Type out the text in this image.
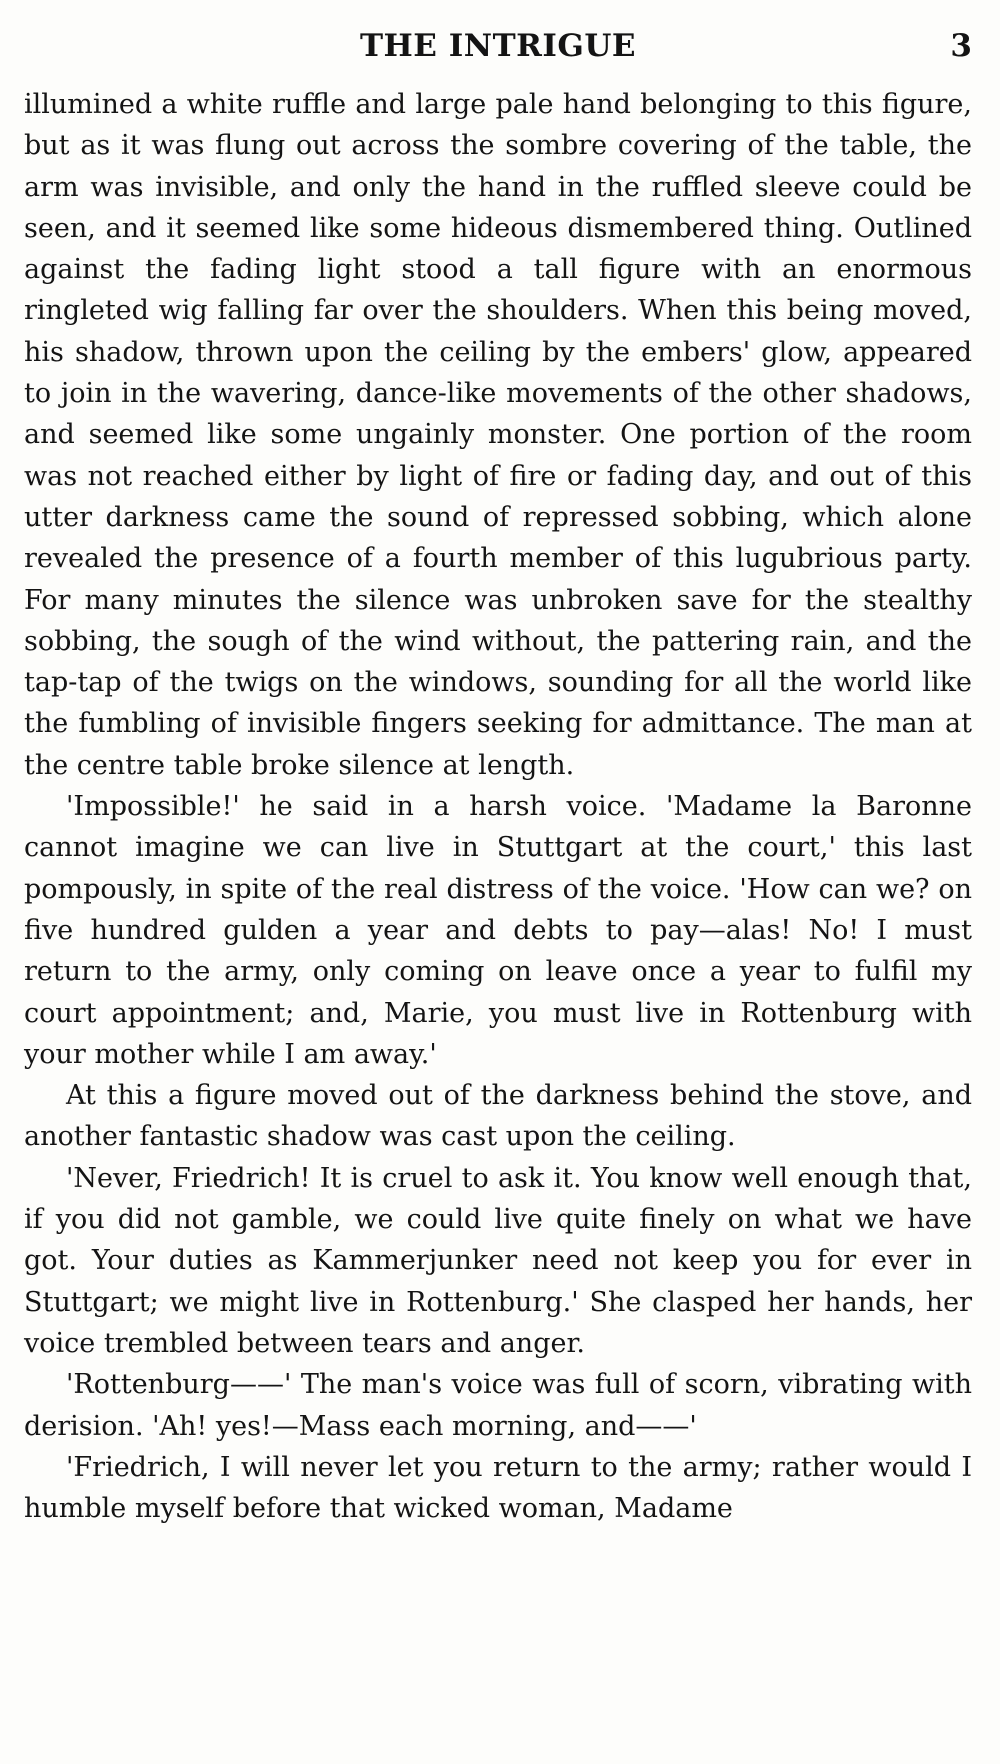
THE INTRIGUE	3

illumined a white ruffle and large pale hand belonging to this figure, but as it was flung out across the sombre covering of the table, the arm was invisible, and only the hand in the ruffled sleeve could be seen, and it seemed like some hideous dismembered thing. Outlined against the fading light stood a tall figure with an enormous ringleted wig falling far over the shoulders. When this being moved, his shadow, thrown upon the ceiling by the embers' glow, appeared to join in the wavering, dance-like movements of the other shadows, and seemed like some ungainly monster. One portion of the room was not reached either by light of fire or fading day, and out of this utter darkness came the sound of repressed sobbing, which alone revealed the presence of a fourth member of this lugubrious party. For many minutes the silence was unbroken save for the stealthy sobbing, the sough of the wind without, the pattering rain, and the tap-tap of the twigs on the windows, sounding for all the world like the fumbling of invisible fingers seeking for admittance. The man at the centre table broke silence at length.

'Impossible!' he said in a harsh voice. 'Madame la Baronne cannot imagine we can live in Stuttgart at the court,' this last pompously, in spite of the real distress of the voice. 'How can we? on five hundred gulden a year and debts to pay—alas! No! I must return to the army, only coming on leave once a year to fulfil my court appointment; and, Marie, you must live in Rottenburg with your mother while I am away.'

At this a figure moved out of the darkness behind the stove, and another fantastic shadow was cast upon the ceiling.

'Never, Friedrich! It is cruel to ask it. You know well enough that, if you did not gamble, we could live quite finely on what we have got. Your duties as Kammerjunker need not keep you for ever in Stuttgart; we might live in Rottenburg.' She clasped her hands, her voice trembled between tears and anger.

'Rottenburg——' The man's voice was full of scorn, vibrating with derision. 'Ah! yes!—Mass each morning, and——'

'Friedrich, I will never let you return to the army; rather would I humble myself before that wicked woman, Madame
